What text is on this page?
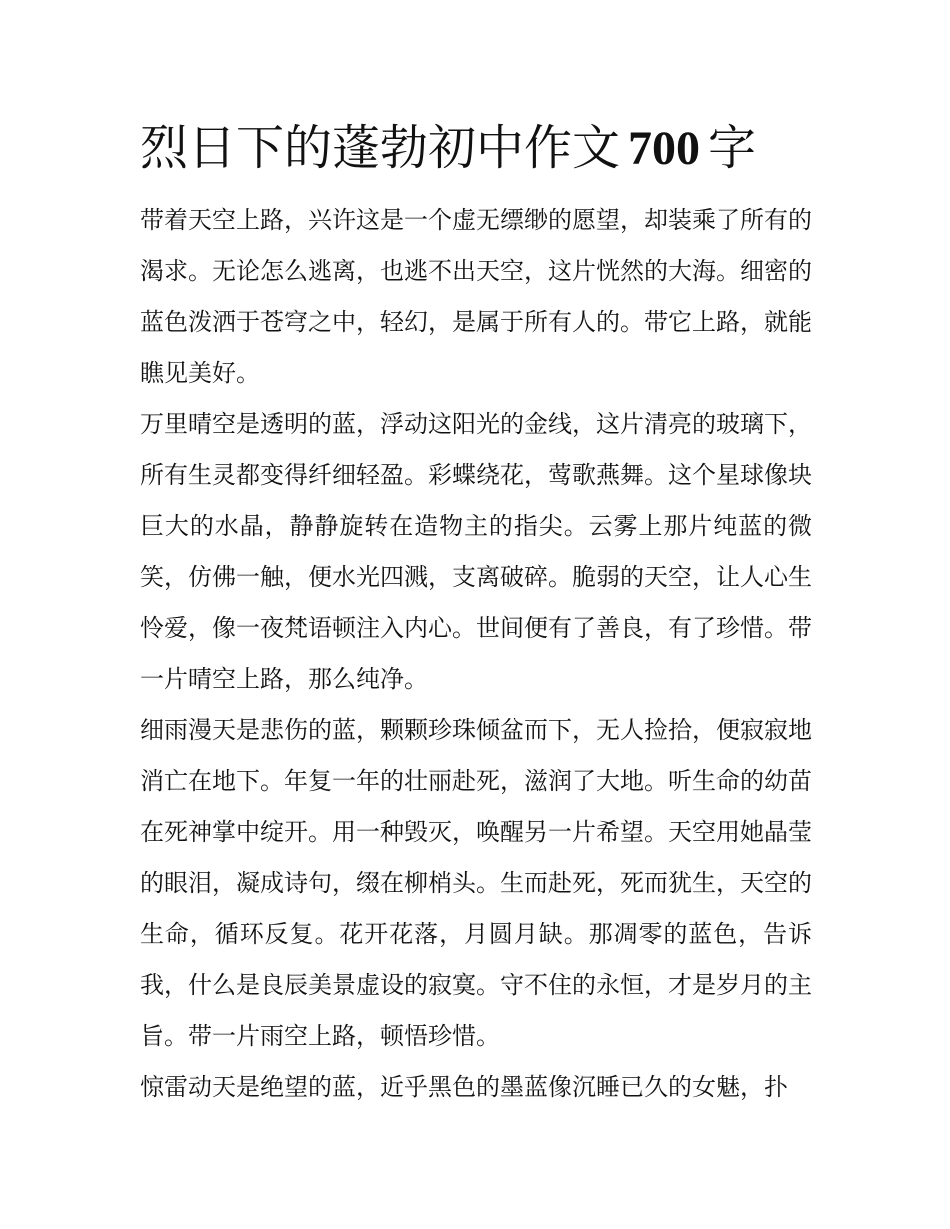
烈日下的蓬勃初中作文 700 字

带着天空上路，兴许这是一个虚无缥缈的愿望，却装乘了所有的渴求。无论怎么逃离，也逃不出天空，这片恍然的大海。细密的蓝色泼洒于苍穹之中，轻幻，是属于所有人的。带它上路，就能瞧见美好。

万里晴空是透明的蓝，浮动这阳光的金线，这片清亮的玻璃下，所有生灵都变得纤细轻盈。彩蝶绕花，莺歌燕舞。这个星球像块巨大的水晶，静静旋转在造物主的指尖。云雾上那片纯蓝的微笑，仿佛一触，便水光四溅，支离破碎。脆弱的天空，让人心生怜爱，像一夜梵语顿注入内心。世间便有了善良，有了珍惜。带一片晴空上路，那么纯净。

细雨漫天是悲伤的蓝，颗颗珍珠倾盆而下，无人捡拾，便寂寂地消亡在地下。年复一年的壮丽赴死，滋润了大地。听生命的幼苗在死神掌中绽开。用一种毁灭，唤醒另一片希望。天空用她晶莹的眼泪，凝成诗句，缀在柳梢头。生而赴死，死而犹生，天空的生命，循环反复。花开花落，月圆月缺。那凋零的蓝色，告诉我，什么是良辰美景虚设的寂寞。守不住的永恒，才是岁月的主旨。带一片雨空上路，顿悟珍惜。

惊雷动天是绝望的蓝，近乎黑色的墨蓝像沉睡已久的女魅，扑
